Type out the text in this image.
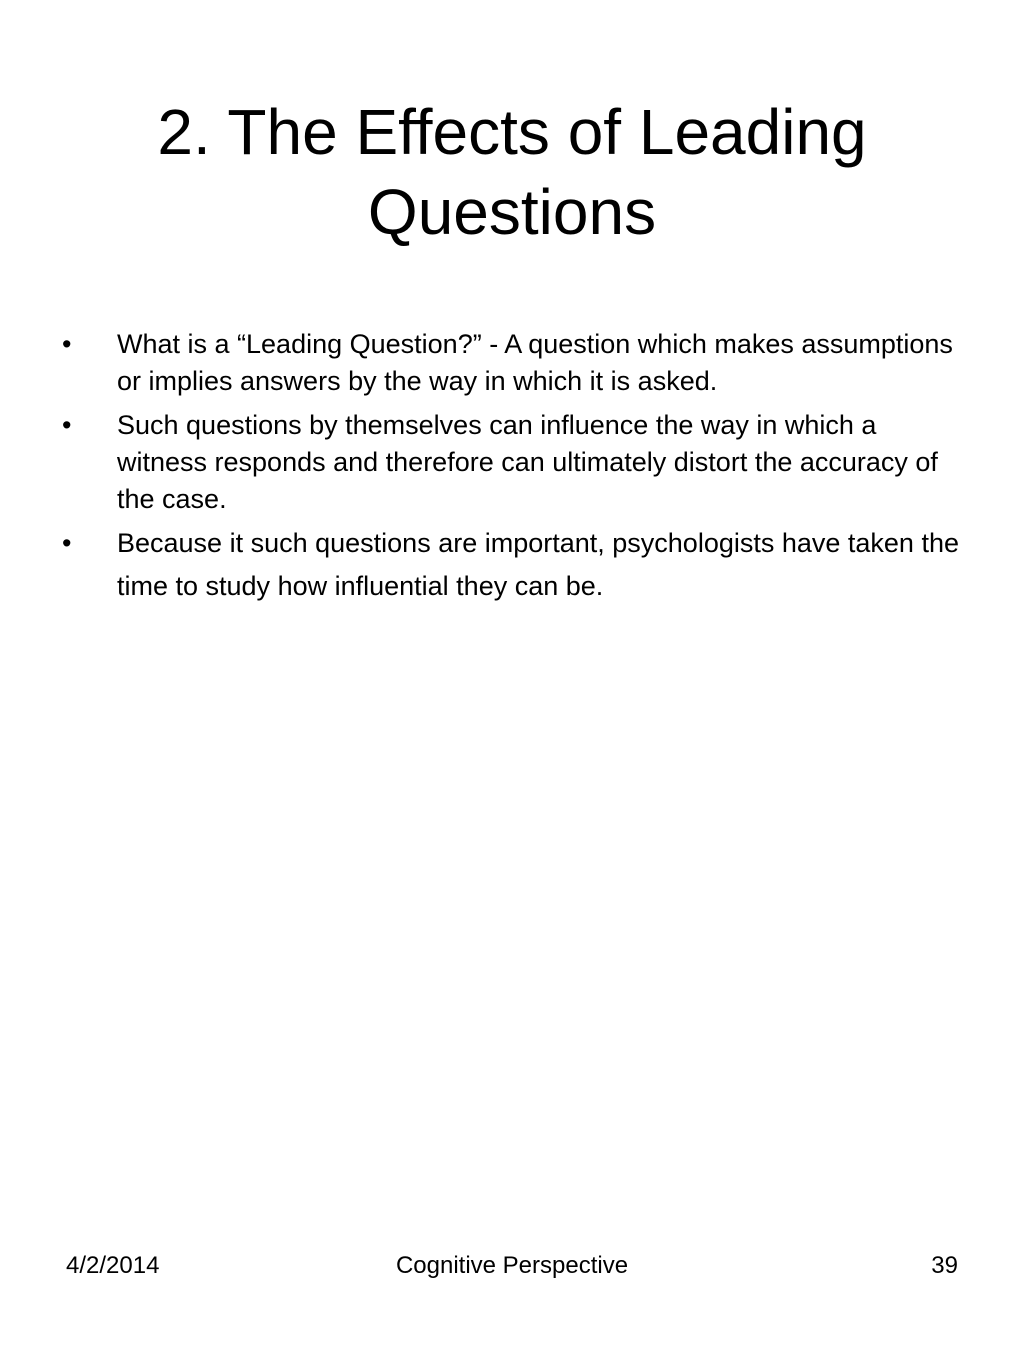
2. The Effects of Leading
Questions
•	What is a “Leading Question?” - A question which makes assumptions or implies answers by the way in which it is asked.
•	Such questions by themselves can influence the way in which a witness responds and therefore can ultimately distort the accuracy of the case.
•	Because it such questions are important, psychologists have taken the time to study how influential they can be.
4/2/2014	Cognitive Perspective	39
